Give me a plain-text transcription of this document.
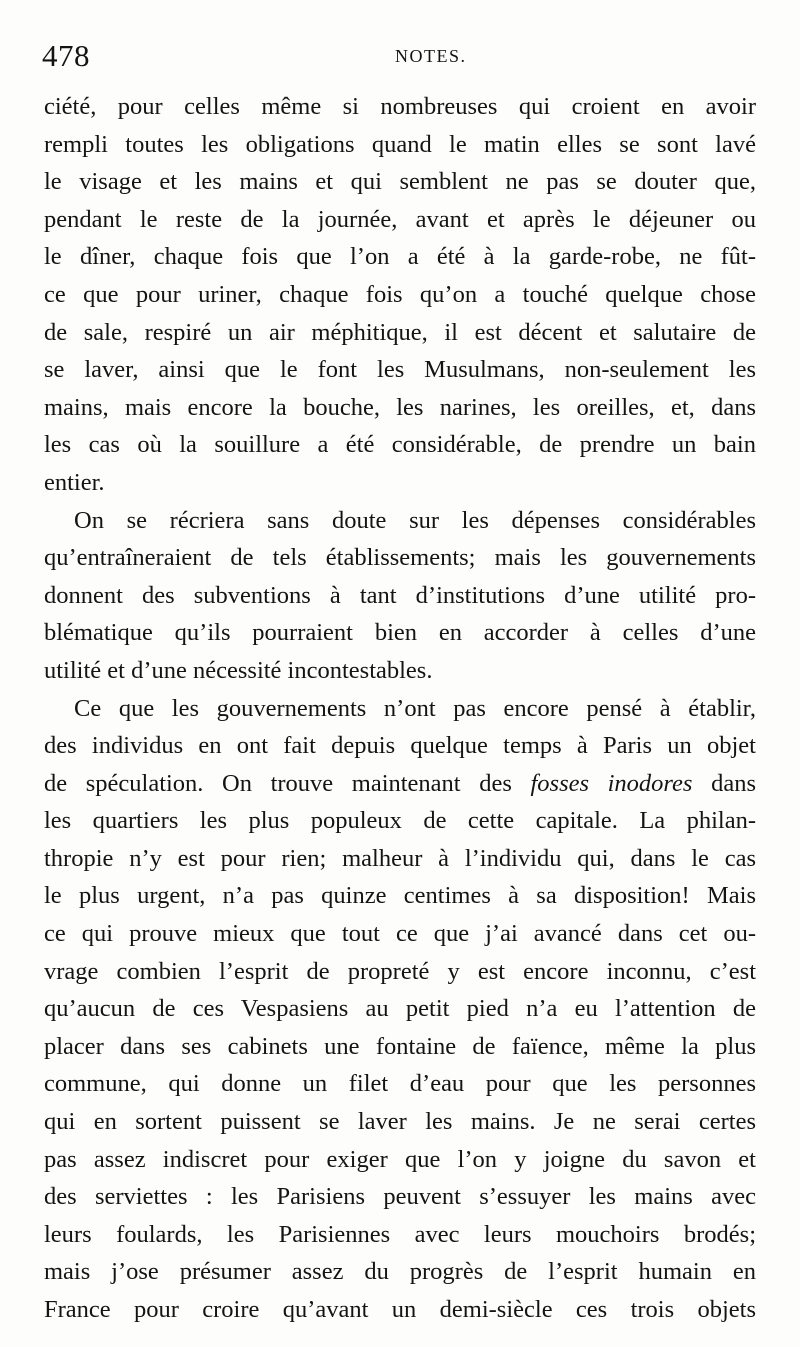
478	NOTES.
ciété, pour celles même si nombreuses qui croient en avoir
rempli toutes les obligations quand le matin elles se sont lavé
le visage et les mains et qui semblent ne pas se douter que,
pendant le reste de la journée, avant et après le déjeuner ou
le dîner, chaque fois que l’on a été à la garde-robe, ne fût-
ce que pour uriner, chaque fois qu’on a touché quelque chose
de sale, respiré un air méphitique, il est décent et salutaire de
se laver, ainsi que le font les Musulmans, non-seulement les
mains, mais encore la bouche, les narines, les oreilles, et, dans
les cas où la souillure a été considérable, de prendre un bain
entier.
On se récriera sans doute sur les dépenses considérables
qu’entraîneraient de tels établissements; mais les gouvernements
donnent des subventions à tant d’institutions d’une utilité pro-
blématique qu’ils pourraient bien en accorder à celles d’une
utilité et d’une nécessité incontestables.
Ce que les gouvernements n’ont pas encore pensé à établir,
des individus en ont fait depuis quelque temps à Paris un objet
de spéculation. On trouve maintenant des fosses inodores dans
les quartiers les plus populeux de cette capitale. La philan-
thropie n’y est pour rien; malheur à l’individu qui, dans le cas
le plus urgent, n’a pas quinze centimes à sa disposition! Mais
ce qui prouve mieux que tout ce que j’ai avancé dans cet ou-
vrage combien l’esprit de propreté y est encore inconnu, c’est
qu’aucun de ces Vespasiens au petit pied n’a eu l’attention de
placer dans ses cabinets une fontaine de faïence, même la plus
commune, qui donne un filet d’eau pour que les personnes
qui en sortent puissent se laver les mains. Je ne serai certes
pas assez indiscret pour exiger que l’on y joigne du savon et
des serviettes : les Parisiens peuvent s’essuyer les mains avec
leurs foulards, les Parisiennes avec leurs mouchoirs brodés;
mais j’ose présumer assez du progrès de l’esprit humain en
France pour croire qu’avant un demi-siècle ces trois objets
